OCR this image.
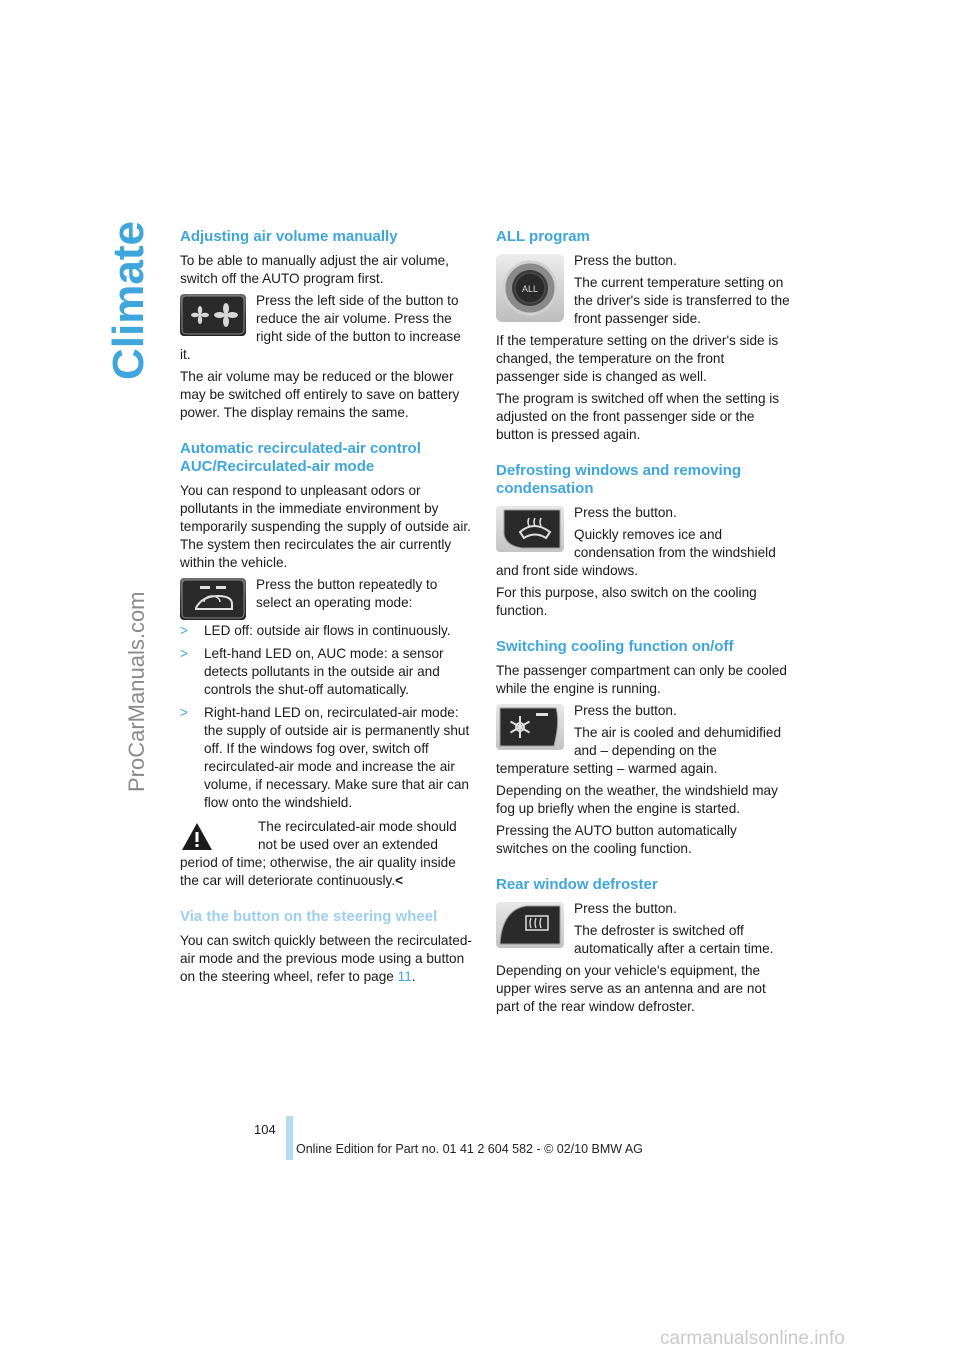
Climate
ProCarManuals.com
Adjusting air volume manually

To be able to manually adjust the air volume, switch off the AUTO program first.

Press the left side of the button to reduce the air volume. Press the right side of the button to increase it.

The air volume may be reduced or the blower may be switched off entirely to save on battery power. The display remains the same.

Automatic recirculated-air control AUC/Recirculated-air mode

You can respond to unpleasant odors or pollutants in the immediate environment by temporarily suspending the supply of outside air. The system then recirculates the air currently within the vehicle.

Press the button repeatedly to select an operating mode:

> LED off: outside air flows in continuously.
> Left-hand LED on, AUC mode: a sensor detects pollutants in the outside air and controls the shut-off automatically.
> Right-hand LED on, recirculated-air mode: the supply of outside air is permanently shut off. If the windows fog over, switch off recirculated-air mode and increase the air volume, if necessary. Make sure that air can flow onto the windshield.

The recirculated-air mode should not be used over an extended period of time; otherwise, the air quality inside the car will deteriorate continuously.<

Via the button on the steering wheel

You can switch quickly between the recirculated-air mode and the previous mode using a button on the steering wheel, refer to page 11.

ALL program
ALL

Press the button.

The current temperature setting on the driver's side is transferred to the front passenger side.

If the temperature setting on the driver's side is changed, the temperature on the front passenger side is changed as well.

The program is switched off when the setting is adjusted on the front passenger side or the button is pressed again.

Defrosting windows and removing condensation

Press the button.

Quickly removes ice and condensation from the windshield and front side windows.

For this purpose, also switch on the cooling function.

Switching cooling function on/off

The passenger compartment can only be cooled while the engine is running.

Press the button.

The air is cooled and dehumidified and – depending on the temperature setting – warmed again.

Depending on the weather, the windshield may fog up briefly when the engine is started.

Pressing the AUTO button automatically switches on the cooling function.

Rear window defroster

Press the button.

The defroster is switched off automatically after a certain time.

Depending on your vehicle's equipment, the upper wires serve as an antenna and are not part of the rear window defroster.

104
Online Edition for Part no. 01 41 2 604 582 - © 02/10 BMW AG
carmanualsonline.info
